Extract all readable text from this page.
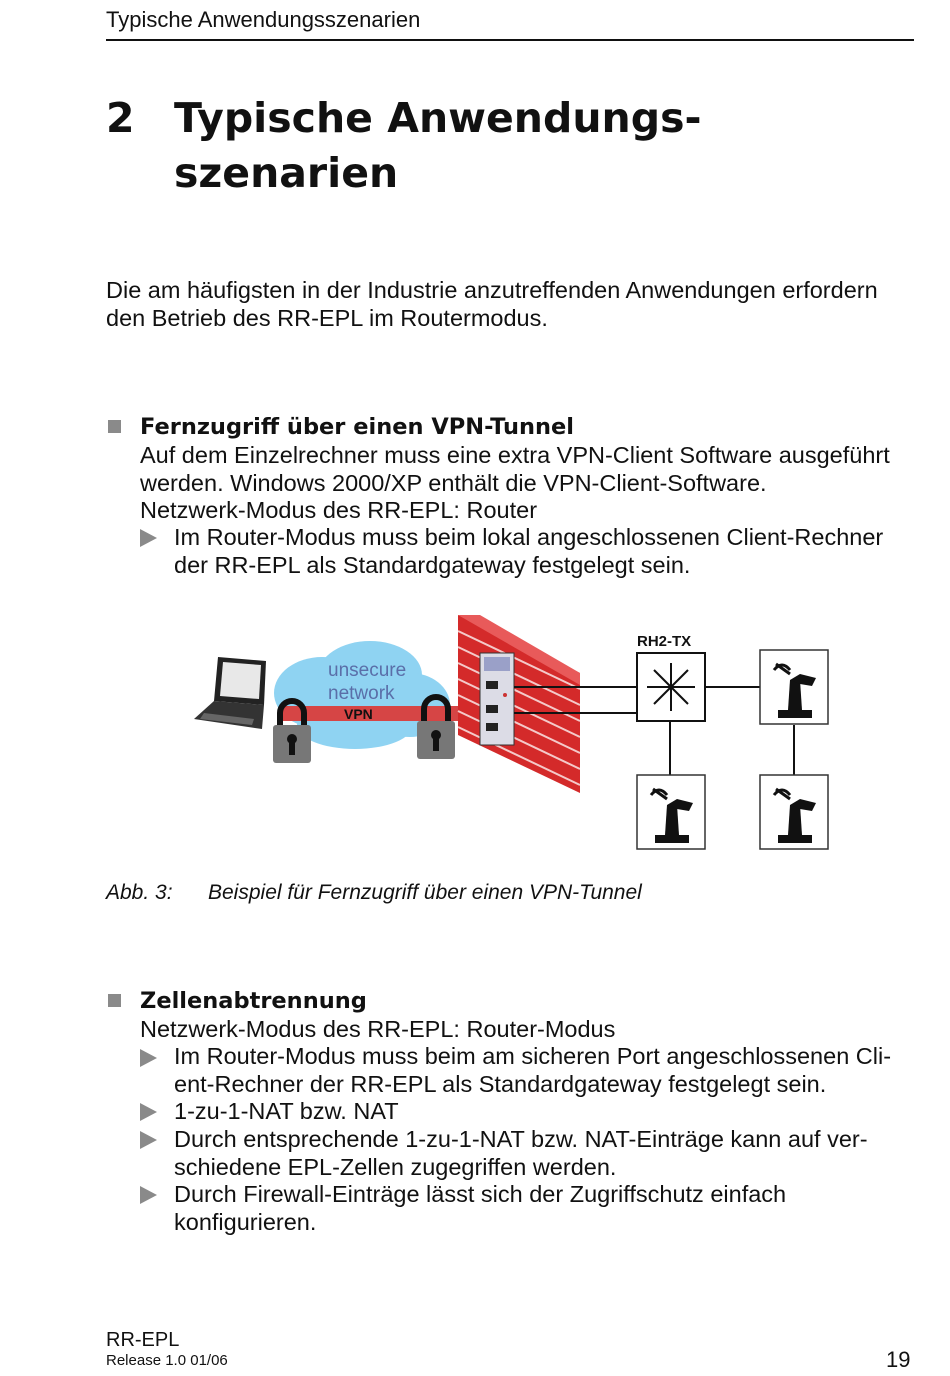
Typische Anwendungsszenarien
2 Typische Anwendungs-
szenarien
Die am häufigsten in der Industrie anzutreffenden Anwendungen erfordern
den Betrieb des RR-EPL im Routermodus.
Fernzugriff über einen VPN-Tunnel
Auf dem Einzelrechner muss eine extra VPN-Client Software ausgeführt
werden. Windows 2000/XP enthält die VPN-Client-Software.
Netzwerk-Modus des RR-EPL: Router
Im Router-Modus muss beim lokal angeschlossenen Client-Rechner
der RR-EPL als Standardgateway festgelegt sein.
unsecure
network
VPN
RH2-TX
Abb. 3: Beispiel für Fernzugriff über einen VPN-Tunnel
Zellenabtrennung
Netzwerk-Modus des RR-EPL: Router-Modus
Im Router-Modus muss beim am sicheren Port angeschlossenen Cli-
ent-Rechner der RR-EPL als Standardgateway festgelegt sein.
1-zu-1-NAT bzw. NAT
Durch entsprechende 1-zu-1-NAT bzw. NAT-Einträge kann auf ver-
schiedene EPL-Zellen zugegriffen werden.
Durch Firewall-Einträge lässt sich der Zugriffschutz einfach
konfigurieren.
RR-EPL
Release 1.0 01/06	19
